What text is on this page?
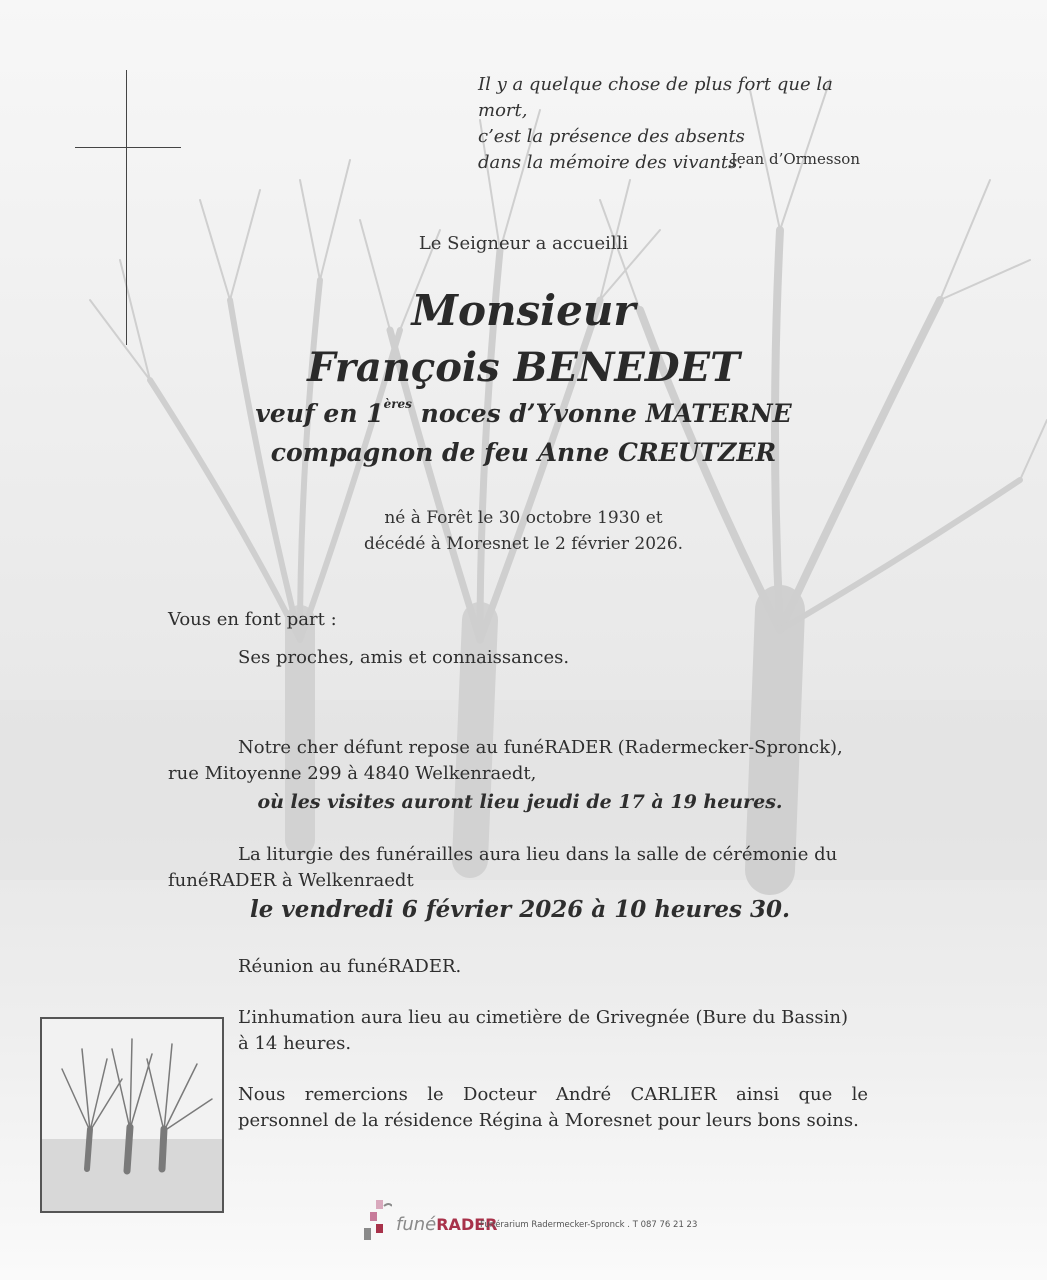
Il y a quelque chose de plus fort que la mort,
c’est la présence des absents
dans la mémoire des vivants.
Jean d’Ormesson
Le Seigneur a accueilli
Monsieur
François BENEDET
veuf en 1ères noces d’Yvonne MATERNE
compagnon de feu Anne CREUTZER
né à Forêt le 30 octobre 1930 et
décédé à Moresnet le 2 février 2026.
Vous en font part :
Ses proches, amis et connaissances.
Notre cher défunt repose au funéRADER (Radermecker-Spronck),
rue Mitoyenne 299 à 4840 Welkenraedt,
où les visites auront lieu jeudi de 17 à 19 heures.
La liturgie des funérailles aura lieu dans la salle de cérémonie du
funéRADER à Welkenraedt
le vendredi 6 février 2026 à 10 heures 30.
Réunion au funéRADER.
L’inhumation aura lieu au cimetière de Grivegnée (Bure du Bassin)
à 14 heures.
Nous remercions le Docteur André CARLIER ainsi que le
personnel de la résidence Régina à Moresnet pour leurs bons soins.
funéRADER
Funérarium Radermecker-Spronck . T 087 76 21 23
